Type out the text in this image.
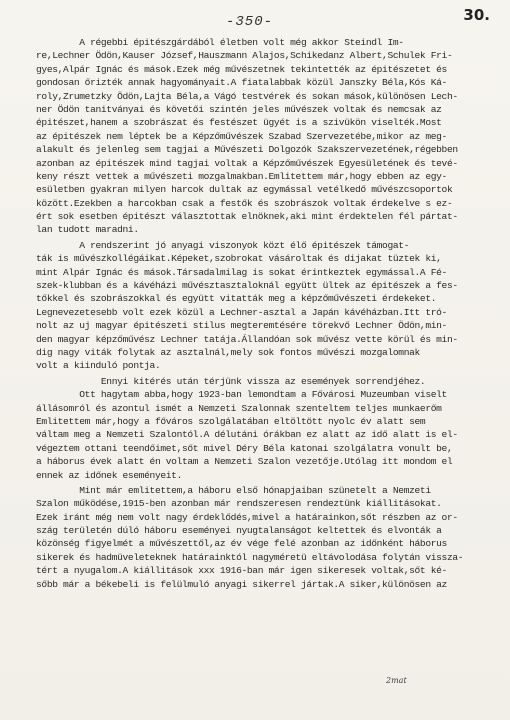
-350-	30.
A régebbi épitészgárdából életben volt még akkor Steindl Im-
re,Lechner Ödön,Kauser József,Hauszmann Alajos,Schikedanz Albert,Schulek Fri-
gyes,Alpár Ignác és mások.Ezek még művészetnek tekintették az épitészetet és
gondosan őrizték annak hagyományait.A fiatalabbak közül Janszky Béla,Kós Ká-
roly,Zrumetzky Ödön,Lajta Béla,a Vágó testvérek és sokan mások,különösen Lech-
ner Ödön tanitványai és követői szintén jeles művészek voltak és nemcsak az
épitészet,hanem a szobrászat és festészet ügyét is a szivükön viselték.Most
az épitészek nem léptek be a Képzőművészek Szabad Szervezetébe,mikor az meg-
alakult és jelenleg sem tagjai a Művészeti Dolgozók Szakszervezetének,régebben
azonban az épitészek mind tagjai voltak a Képzőművészek Egyesületének és tevé-
keny részt vettek a művészeti mozgalmakban.Emlitettem már,hogy ebben az egy-
esületben gyakran milyen harcok dultak az egymással vetélkedő művészcsoportok
között.Ezekben a harcokban csak a festők és szobrászok voltak érdekelve s ez-
ért sok esetben épitészt választottak elnöknek,aki mint érdektelen fél pártat-
lan tudott maradni.
A rendszerint jó anyagi viszonyok közt élő épitészek támogat-
ták is művészkollégáikat.Képeket,szobrokat vásároltak és dijakat tüztek ki,
mint Alpár Ignác és mások.Társadalmilag is sokat érintkeztek egymással.A Fé-
szek-klubban és a kávéházi művésztasztaloknál együtt ültek az épitészek a fes-
tőkkel és szobrászokkal és együtt vitatták meg a képzőművészeti érdekeket.
Legnevezetesebb volt ezek közül a Lechner-asztal a Japán kávéházban.Itt tró-
nolt az uj magyar épitészeti stilus megteremtésére törekvő Lechner Ödön,min-
den magyar képzőművész Lechner tatája.Állandóan sok művész vette körül és min-
dig nagy viták folytak az asztalnál,mely sok fontos művészi mozgalomnak
volt a kiinduló pontja.
Ennyi kitérés után térjünk vissza az események sorrendjéhez.
Ott hagytam abba,hogy 1923-ban lemondtam a Fővárosi Muzeumban viselt
állásomról és azontul ismét a Nemzeti Szalonnak szenteltem teljes munkaerőm
Emlitettem már,hogy a főváros szolgálatában eltöltött nyolc év alatt sem
váltam meg a Nemzeti Szalontól.A délutáni órákban ez alatt az idő alatt is el-
végeztem ottani teendőimet,sőt mivel Déry Béla katonai szolgálatra vonult be,
a háborus évek alatt én voltam a Nemzeti Szalon vezetője.Utólag itt mondom el
ennek az időnek eseményeit.
Mint már emlitettem,a háboru első hónapjaiban szünetelt a Nemzeti
Szalon működése,1915-ben azonban már rendszeresen rendeztünk kiállitásokat.
Ezek iránt még nem volt nagy érdeklődés,mivel a határainkon,sőt részben az or-
szág területén dúló háboru eseményei nyugtalanságot keltettek és elvonták a
közönség figyelmét a művészettől,az év vége felé azonban az időnként háborus
sikerek és hadmüveleteknek határainktól nagyméretü eltávolodása folytán vissza-
tért a nyugalom.A kiállitások xxx 1916-ban már igen sikeresek voltak,sőt ké-
sőbb már a békebeli is felülmuló anyagi sikerrel jártak.A siker,különösen az
2mat
